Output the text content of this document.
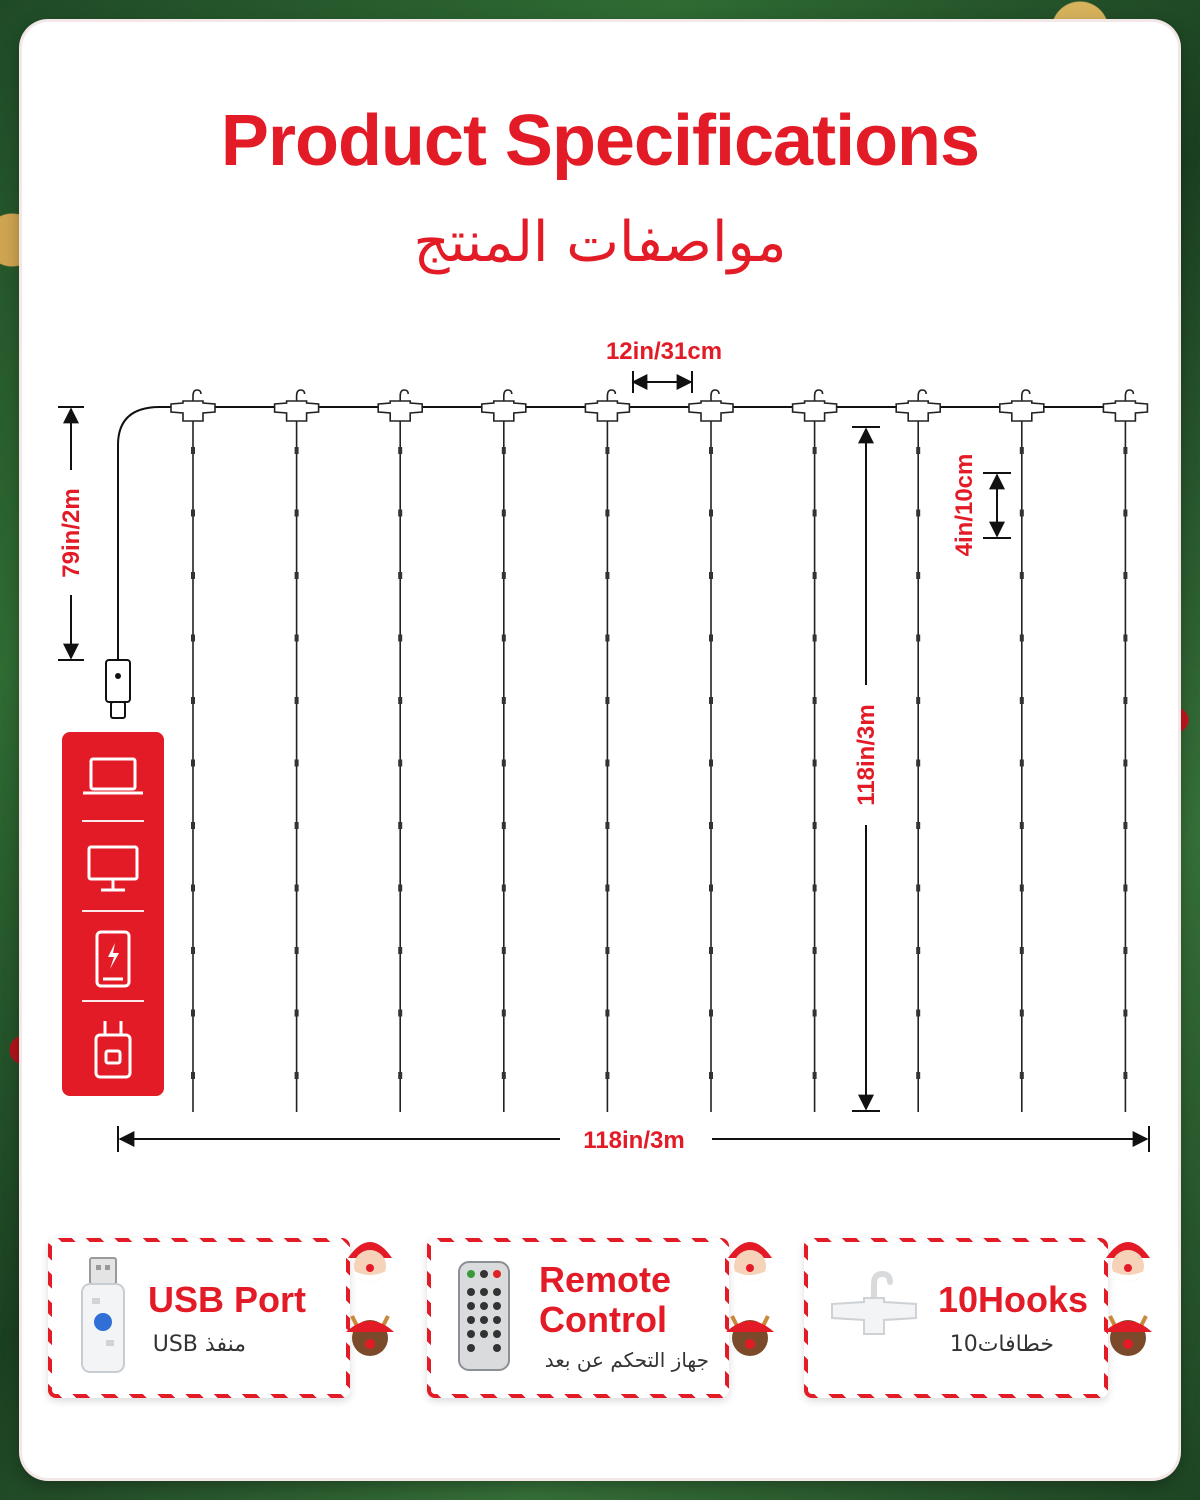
Product Specifications
مواصفات المنتج
12in/31cm
79in/2m
118in/3m
4in/10cm
118in/3m
USB Port
منفذ USB
Remote Control
جهاز التحكم عن بعد
10Hooks
خطافات10
